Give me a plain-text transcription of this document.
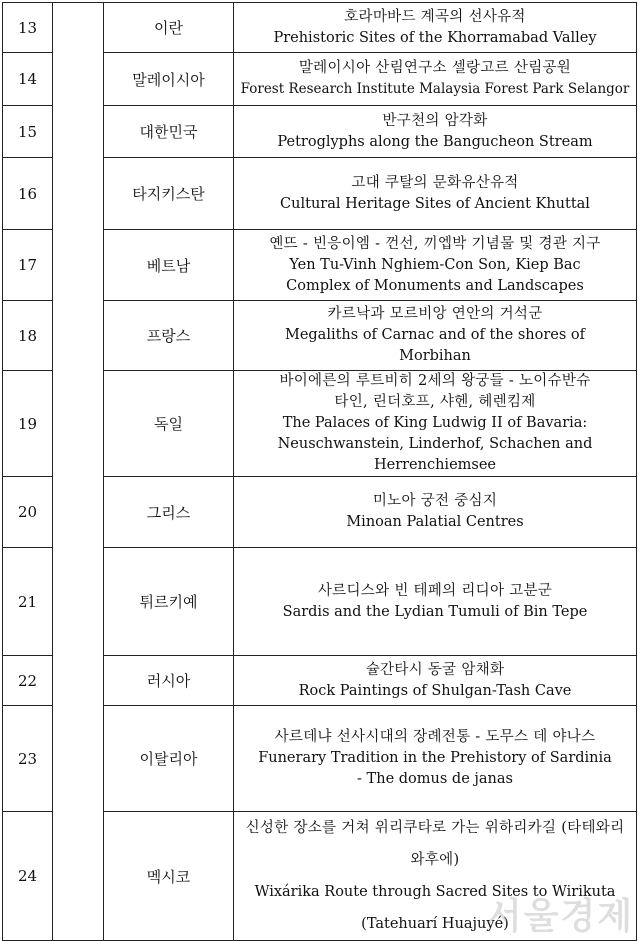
13		이란	호라마바드 계곡의 선사유적
Prehistoric Sites of the Khorramabad Valley

14		말레이시아	말레이시아 산림연구소 셀랑고르 산림공원
Forest Research Institute Malaysia Forest Park Selangor

15		대한민국	반구천의 암각화
Petroglyphs along the Bangucheon Stream

16		타지키스탄	고대 쿠탈의 문화유산유적
Cultural Heritage Sites of Ancient Khuttal

17		베트남	옌뜨 - 빈응이엠 - 껀선, 끼엡박 기념물 및 경관 지구
Yen Tu-Vinh Nghiem-Con Son, Kiep Bac Complex of Monuments and Landscapes

18		프랑스	카르낙과 모르비앙 연안의 거석군
Megaliths of Carnac and of the shores of Morbihan

19		독일	바이에른의 루트비히 2세의 왕궁들 - 노이슈반슈타인, 린더호프, 샤헨, 헤렌킴제
The Palaces of King Ludwig II of Bavaria: Neuschwanstein, Linderhof, Schachen and Herrenchiemsee

20		그리스	미노아 궁전 중심지
Minoan Palatial Centres

21		튀르키예	사르디스와 빈 테페의 리디아 고분군
Sardis and the Lydian Tumuli of Bin Tepe

22		러시아	슐간타시 동굴 암채화
Rock Paintings of Shulgan-Tash Cave

23		이탈리아	사르데냐 선사시대의 장례전통 - 도무스 데 야나스
Funerary Tradition in the Prehistory of Sardinia - The domus de janas

24		멕시코	신성한 장소를 거쳐 위리쿠타로 가는 위하리카길 (타테와리 와후에)
Wixárika Route through Sacred Sites to Wirikuta (Tatehuarí Huajuyé)
서울경제
